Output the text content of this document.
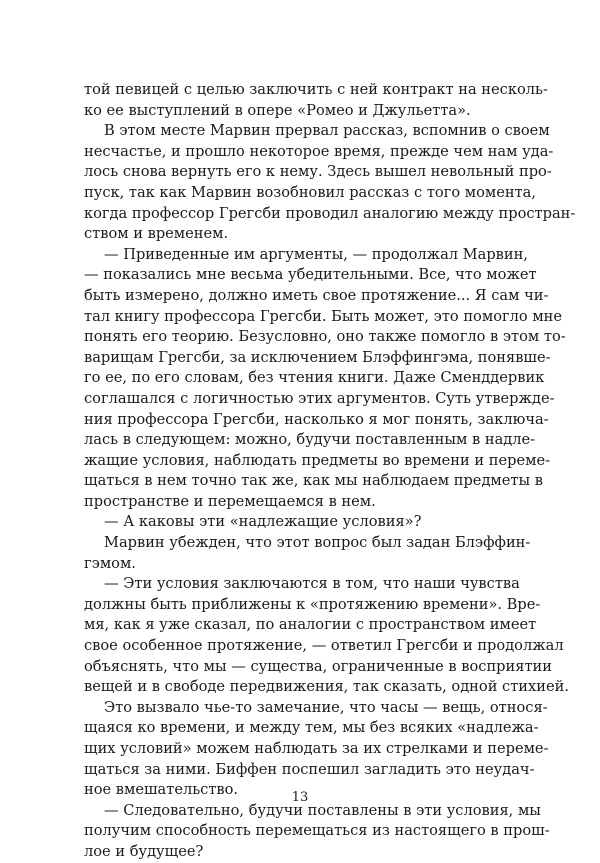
той певицей с целью заключить с ней контракт на несколь-
ко ее выступлений в опере «Ромео и Джульетта».
В этом месте Марвин прервал рассказ, вспомнив о своем
несчастье, и прошло некоторое время, прежде чем нам уда-
лось снова вернуть его к нему. Здесь вышел невольный про-
пуск, так как Марвин возобновил рассказ с того момента,
когда профессор Грегсби проводил аналогию между простран-
ством и временем.
— Приведенные им аргументы, — продолжал Марвин,
— показались мне весьма убедительными. Все, что может
быть измерено, должно иметь свое протяжение... Я сам чи-
тал книгу профессора Грегсби. Быть может, это помогло мне
понять его теорию. Безусловно, оно также помогло в этом то-
варищам Грегсби, за исключением Блэффингэма, понявше-
го ее, по его словам, без чтения книги. Даже Сменддервик
соглашался с логичностью этих аргументов. Суть утвержде-
ния профессора Грегсби, насколько я мог понять, заключа-
лась в следующем: можно, будучи поставленным в надле-
жащие условия, наблюдать предметы во времени и переме-
щаться в нем точно так же, как мы наблюдаем предметы в
пространстве и перемещаемся в нем.
— А каковы эти «надлежащие условия»?
Марвин убежден, что этот вопрос был задан Блэффин-
гэмом.
— Эти условия заключаются в том, что наши чувства
должны быть приближены к «протяжению времени». Вре-
мя, как я уже сказал, по аналогии с пространством имеет
свое особенное протяжение, — ответил Грегсби и продолжал
объяснять, что мы — существа, ограниченные в восприятии
вещей и в свободе передвижения, так сказать, одной стихией.
Это вызвало чье-то замечание, что часы — вещь, относя-
щаяся ко времени, и между тем, мы без всяких «надлежа-
щих условий» можем наблюдать за их стрелками и переме-
щаться за ними. Биффен поспешил загладить это неудач-
ное вмешательство.
— Следовательно, будучи поставлены в эти условия, мы
получим способность перемещаться из настоящего в прош-
лое и будущее?
13
